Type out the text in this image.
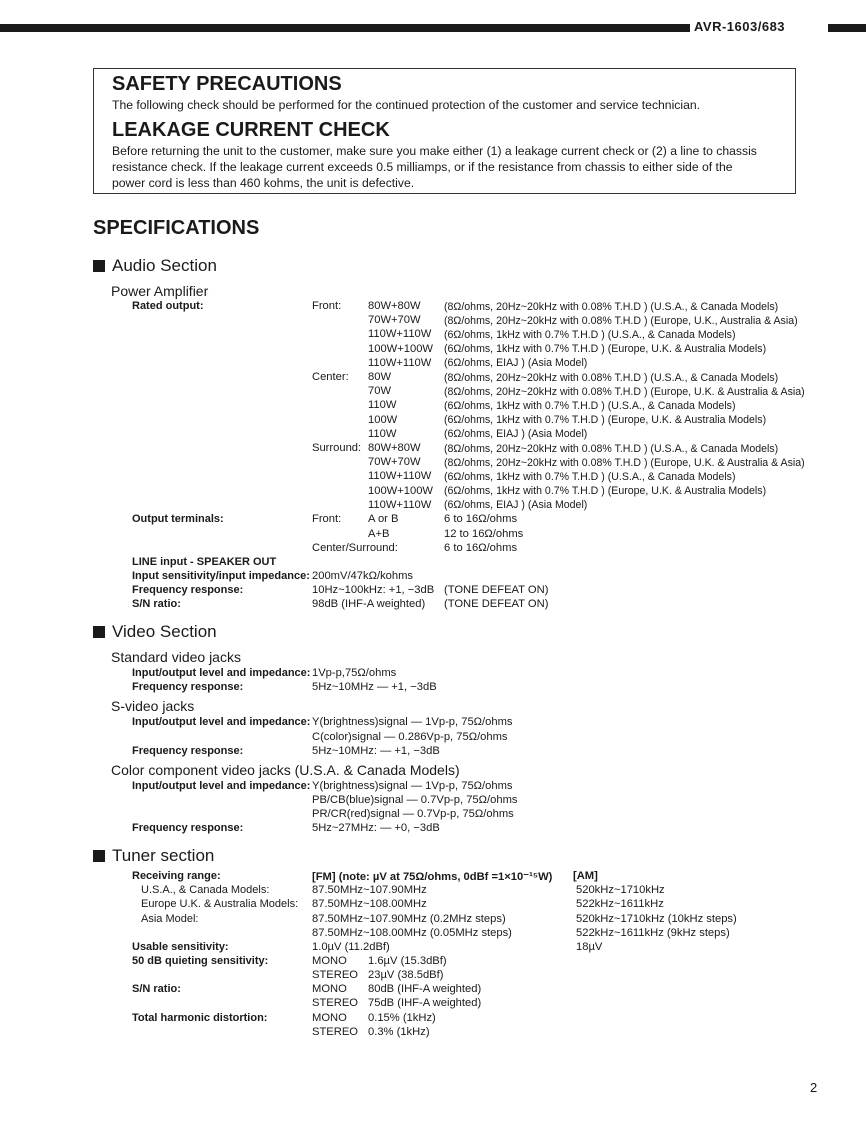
AVR-1603/683
SAFETY PRECAUTIONS
The following check should be performed for the continued protection of the customer and service technician.
LEAKAGE CURRENT CHECK
Before returning the unit to the customer, make sure you make either (1) a leakage current check or (2) a line to chassis
resistance check. If the leakage current exceeds 0.5 milliamps, or if the resistance from chassis to either side of the
power cord is less than 460 kohms, the unit is defective.
SPECIFICATIONS
Audio Section
Power Amplifier
Rated output:	Front: 80W+80W (8Ω/ohms, 20Hz~20kHz with 0.08% T.H.D ) (U.S.A., & Canada Models)
70W+70W (8Ω/ohms, 20Hz~20kHz with 0.08% T.H.D ) (Europe, U.K., Australia & Asia)
110W+110W (6Ω/ohms, 1kHz with 0.7% T.H.D ) (U.S.A., & Canada Models)
100W+100W (6Ω/ohms, 1kHz with 0.7% T.H.D ) (Europe, U.K. & Australia Models)
110W+110W (6Ω/ohms, EIAJ ) (Asia Model)
Center: 80W	(8Ω/ohms, 20Hz~20kHz with 0.08% T.H.D ) (U.S.A., & Canada Models)
70W	(8Ω/ohms, 20Hz~20kHz with 0.08% T.H.D ) (Europe, U.K. & Australia & Asia)
110W	(6Ω/ohms, 1kHz with 0.7% T.H.D ) (U.S.A., & Canada Models)
100W	(6Ω/ohms, 1kHz with 0.7% T.H.D ) (Europe, U.K. & Australia Models)
110W	(6Ω/ohms, EIAJ ) (Asia Model)
Surround: 80W+80W (8Ω/ohms, 20Hz~20kHz with 0.08% T.H.D ) (U.S.A., & Canada Models)
70W+70W (8Ω/ohms, 20Hz~20kHz with 0.08% T.H.D ) (Europe, U.K. & Australia & Asia)
110W+110W (6Ω/ohms, 1kHz with 0.7% T.H.D ) (U.S.A., & Canada Models)
100W+100W (6Ω/ohms, 1kHz with 0.7% T.H.D ) (Europe, U.K. & Australia Models)
110W+110W (6Ω/ohms, EIAJ ) (Asia Model)
Output terminals:	Front: A or B	6 to 16Ω/ohms
A+B	12 to 16Ω/ohms
Center/Surround:	6 to 16Ω/ohms
LINE input - SPEAKER OUT
Input sensitivity/input impedance: 200mV/47kΩ/kohms
Frequency response:	10Hz~100kHz: +1, −3dB (TONE DEFEAT ON)
S/N ratio:	98dB (IHF-A weighted) (TONE DEFEAT ON)
Video Section
Standard video jacks
Input/output level and impedance: 1Vp-p,75Ω/ohms
Frequency response:	5Hz~10MHz — +1, −3dB
S-video jacks
Input/output level and impedance: Y(brightness)signal — 1Vp-p, 75Ω/ohms
C(color)signal — 0.286Vp-p, 75Ω/ohms
Frequency response:	5Hz~10MHz: — +1, −3dB
Color component video jacks (U.S.A. & Canada Models)
Input/output level and impedance: Y(brightness)signal — 1Vp-p, 75Ω/ohms
PB/CB(blue)signal — 0.7Vp-p, 75Ω/ohms
PR/CR(red)signal — 0.7Vp-p, 75Ω/ohms
Frequency response:	5Hz~27MHz: — +0, −3dB
Tuner section
Receiving range:	[FM] (note: µV at 75Ω/ohms, 0dBf =1×10⁻¹⁵W) [AM]
U.S.A., & Canada Models:	87.50MHz~107.90MHz	520kHz~1710kHz
Europe U.K. & Australia Models: 87.50MHz~108.00MHz	522kHz~1611kHz
Asia Model:	87.50MHz~107.90MHz (0.2MHz steps)	520kHz~1710kHz (10kHz steps)
87.50MHz~108.00MHz (0.05MHz steps)	522kHz~1611kHz (9kHz steps)
Usable sensitivity:	1.0µV (11.2dBf)	18µV
50 dB quieting sensitivity:	MONO 1.6µV (15.3dBf)
STEREO 23µV (38.5dBf)
S/N ratio:	MONO 80dB (IHF-A weighted)
STEREO 75dB (IHF-A weighted)
Total harmonic distortion:	MONO 0.15% (1kHz)
STEREO 0.3% (1kHz)
2
